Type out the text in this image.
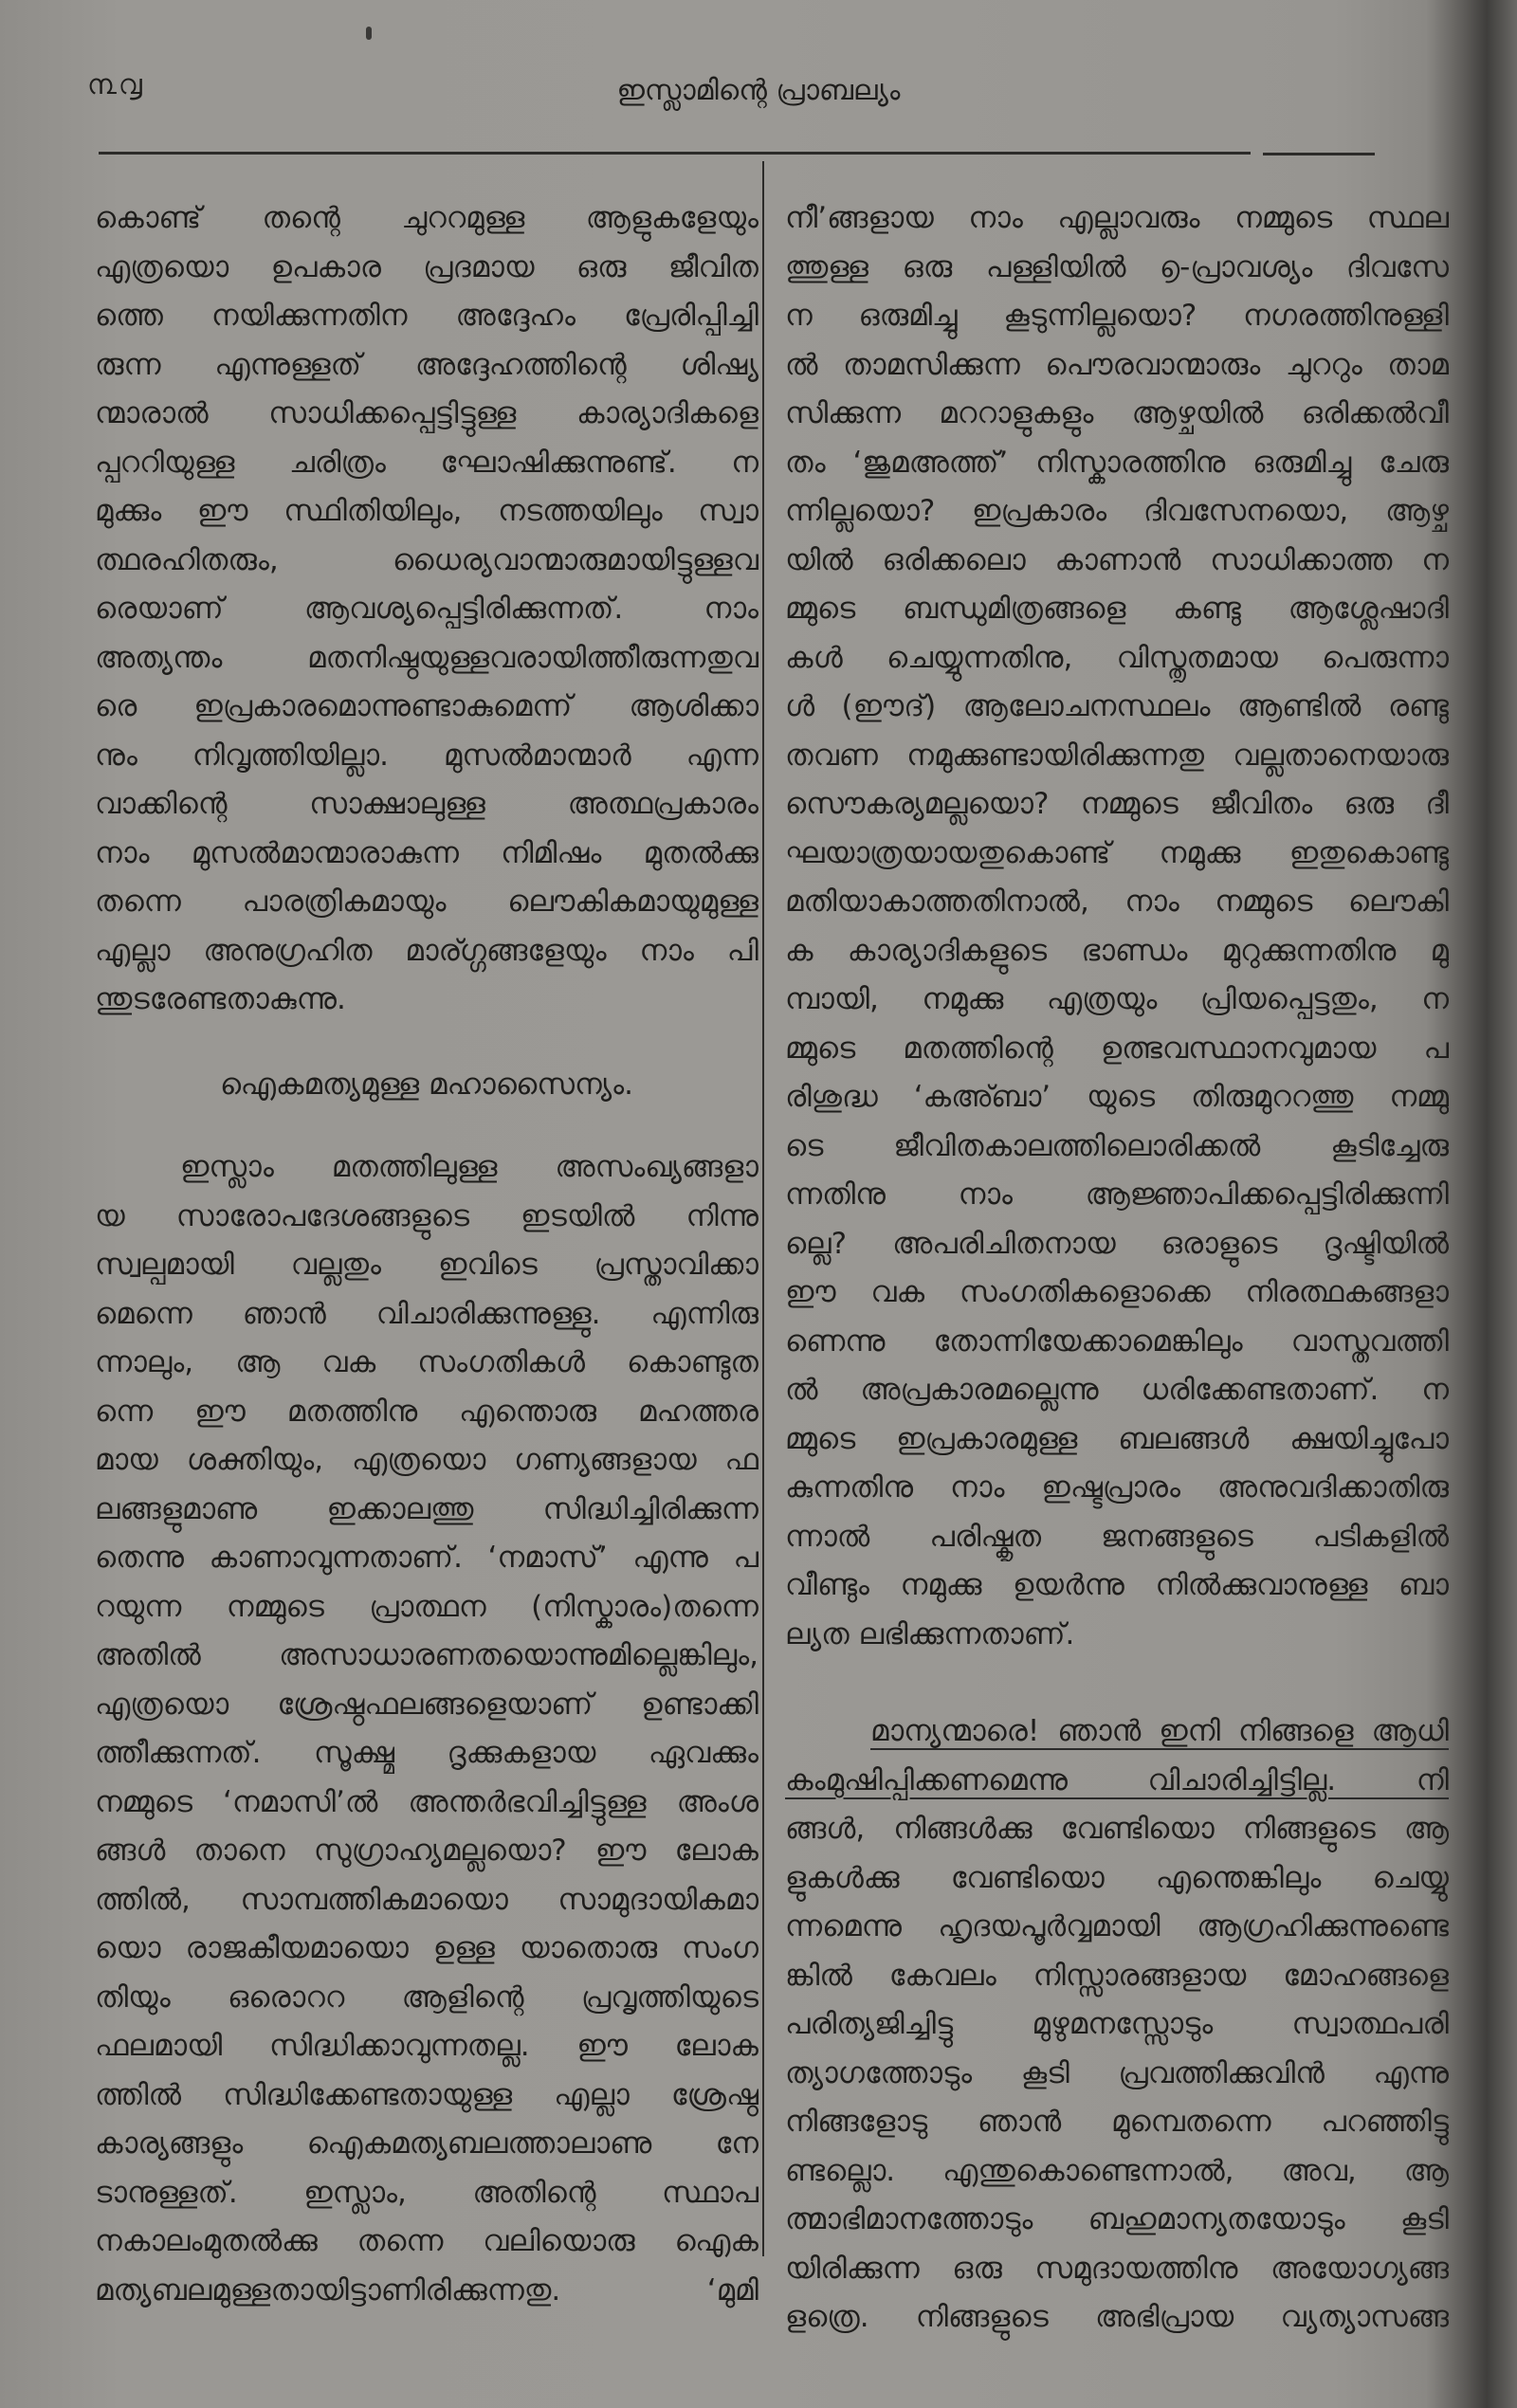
൩൮	ഇസ്ലാമിന്റെ പ്രാബല്യം
കൊണ്ട് തന്റെ ചുററമുള്ള ആളുകളേയും
എത്രയൊ ഉപകാര പ്രദമായ ഒരു ജീവിത
ത്തെ നയിക്കുന്നതിന അദ്ദേഹം പ്രേരിപ്പിച്ചി
രുന്ന എന്നുള്ളത് അദ്ദേഹത്തിന്റെ ശിഷ്യ
ന്മാരാൽ സാധിക്കപ്പെട്ടിട്ടുള്ള കാര്യാദികളെ
പ്പററിയുള്ള ചരിത്രം ഘോഷിക്കുന്നുണ്ട്. ന
മുക്കും ഈ സ്ഥിതിയിലും, നടത്തയിലും സ്വാ
ത്ഥരഹിതരും, ധൈര്യവാന്മാരുമായിട്ടുള്ളവ
രെയാണ് ആവശ്യപ്പെട്ടിരിക്കുന്നത്. നാം
അത്യന്തം മതനിഷ്ഠയുള്ളവരായിത്തീരുന്നതുവ
രെ ഇപ്രകാരമൊന്നുണ്ടാകുമെന്ന് ആശിക്കാ
നും നിവൃത്തിയില്ലാ. മുസൽമാന്മാർ എന്ന
വാക്കിന്റെ സാക്ഷാലുള്ള അത്ഥപ്രകാരം
നാം മുസൽമാന്മാരാകുന്ന നിമിഷം മുതൽക്കു
തന്നെ പാരത്രികമായും ലൌകികമായുമുള്ള
എല്ലാ അനുഗ്രഹിത മാര്ഗ്ഗങ്ങളേയും നാം പി
ന്തുടരേണ്ടതാകുന്നു.
ഐകമത്യമുള്ള മഹാസൈന്യം.
ഇസ്ലാം മതത്തിലുള്ള അസംഖ്യങ്ങളാ
യ സാരോപദേശങ്ങളുടെ ഇടയിൽ നിന്നു
സ്വല്പമായി വല്ലതും ഇവിടെ പ്രസ്താവിക്കാ
മെന്നെ ഞാൻ വിചാരിക്കുന്നുള്ളു. എന്നിരു
ന്നാലും, ആ വക സംഗതികൾ കൊണ്ടുത
ന്നെ ഈ മതത്തിനു എന്തൊരു മഹത്തര
മായ ശക്തിയും, എത്രയൊ ഗണ്യങ്ങളായ ഫ
ലങ്ങളുമാണു ഇക്കാലത്തു സിദ്ധിച്ചിരിക്കുന്ന
തെന്നു കാണാവുന്നതാണ്. ‘നമാസ്’ എന്നു പ
റയുന്ന നമ്മുടെ പ്രാത്ഥന (നിസ്കാരം)തന്നെ
അതിൽ അസാധാരണതയൊന്നുമില്ലെങ്കിലും,
എത്രയൊ ശ്രേഷ്ഠഫലങ്ങളെയാണ് ഉണ്ടാക്കി
ത്തീക്കുന്നത്. സൂക്ഷ്മ ദൃക്കുകളായ ഏവക്കും
നമ്മുടെ ‘നമാസി’ൽ അന്തർഭവിച്ചിട്ടുള്ള അംശ
ങ്ങൾ താനെ സുഗ്രാഹ്യമല്ലയൊ? ഈ ലോക
ത്തിൽ, സാമ്പത്തികമായൊ സാമുദായികമാ
യൊ രാജകീയമായൊ ഉള്ള യാതൊരു സംഗ
തിയും ഒരൊററ ആളിന്റെ പ്രവൃത്തിയുടെ
ഫലമായി സിദ്ധിക്കാവുന്നതല്ല. ഈ ലോക
ത്തിൽ സിദ്ധിക്കേണ്ടതായുള്ള എല്ലാ ശ്രേഷ്ഠ
കാര്യങ്ങളും ഐകമത്യബലത്താലാണു നേ
ടാനുള്ളത്. ഇസ്ലാം, അതിന്റെ സ്ഥാപ
നകാലംമുതൽക്കു തന്നെ വലിയൊരു ഐക
മത്യബലമുള്ളതായിട്ടാണിരിക്കുന്നതു. ‘മുമി
നീ’ങ്ങളായ നാം എല്ലാവരും നമ്മുടെ സ്ഥല
ത്തുള്ള ഒരു പള്ളിയിൽ ൭-പ്രാവശ്യം ദിവസേ
ന ഒരുമിച്ചു കൂടുന്നില്ലയൊ? നഗരത്തിനുള്ളി
ൽ താമസിക്കുന്ന പൌരവാന്മാരും ചുററും താമ
സിക്കുന്ന മററാളുകളും ആഴ്ചയിൽ ഒരിക്കൽവീ
തം ‘ജുമഅത്ത്’ നിസ്കാരത്തിനു ഒരുമിച്ചു ചേരു
ന്നില്ലയൊ? ഇപ്രകാരം ദിവസേനയൊ, ആഴ്ച
യിൽ ഒരിക്കലൊ കാണാൻ സാധിക്കാത്ത ന
മ്മുടെ ബന്ധുമിത്രങ്ങളെ കണ്ടു ആശ്ലേഷാദി
കൾ ചെയ്യുന്നതിനു, വിസ്തൃതമായ പെരുന്നാ
ൾ (ഈദ്) ആലോചനസ്ഥലം ആണ്ടിൽ രണ്ടു
തവണ നമുക്കുണ്ടായിരിക്കുന്നതു വല്ലതാനെയാരു
സൌകര്യമല്ലയൊ? നമ്മുടെ ജീവിതം ഒരു ദീ
ഘയാത്രയായതുകൊണ്ട് നമുക്കു ഇതുകൊണ്ടു
മതിയാകാത്തതിനാൽ, നാം നമ്മുടെ ലൌകി
ക കാര്യാദികളുടെ ഭാണ്ഡം മുറുക്കുന്നതിനു മു
മ്പായി, നമുക്കു എത്രയും പ്രിയപ്പെട്ടതും, ന
മ്മുടെ മതത്തിന്റെ ഉത്ഭവസ്ഥാനവുമായ പ
രിശുദ്ധ ‘കഅ്ബാ’ യുടെ തിരുമുററത്തു നമ്മു
ടെ ജീവിതകാലത്തിലൊരിക്കൽ കൂടിച്ചേരു
ന്നതിനു നാം ആജ്ഞാപിക്കപ്പെട്ടിരിക്കുന്നി
ല്ലെ? അപരിചിതനായ ഒരാളുടെ ദൃഷ്ടിയിൽ
ഈ വക സംഗതികളൊക്കെ നിരത്ഥകങ്ങളാ
ണെന്നു തോന്നിയേക്കാമെങ്കിലും വാസ്തവത്തി
ൽ അപ്രകാരമല്ലെന്നു ധരിക്കേണ്ടതാണ്. ന
മ്മുടെ ഇപ്രകാരമുള്ള ബലങ്ങൾ ക്ഷയിച്ചുപോ
കുന്നതിനു നാം ഇഷ്ടപ്രാരം അനുവദിക്കാതിരു
ന്നാൽ പരിഷ്കൃത ജനങ്ങളുടെ പടികളിൽ
വീണ്ടും നമുക്കു ഉയർന്നു നിൽക്കുവാനുള്ള ബാ
ല്യത ലഭിക്കുന്നതാണ്.
മാന്യന്മാരെ! ഞാൻ ഇനി നിങ്ങളെ ആധി
കംമുഷിപ്പിക്കണമെന്നു വിചാരിച്ചിട്ടില്ല. നി
ങ്ങൾ, നിങ്ങൾക്കു വേണ്ടിയൊ നിങ്ങളുടെ ആ
ളുകൾക്കു വേണ്ടിയൊ എന്തെങ്കിലും ചെയ്യു
ന്നമെന്നു ഹൃദയപൂർവ്വമായി ആഗ്രഹിക്കുന്നുണ്ടെ
ങ്കിൽ കേവലം നിസ്സാരങ്ങളായ മോഹങ്ങളെ
പരിത്യജിച്ചിട്ടു മുഴുമനസ്സോടും സ്വാത്ഥപരി
ത്യാഗത്തോടും കൂടി പ്രവത്തിക്കുവിൻ എന്നു
നിങ്ങളോടു ഞാൻ മുമ്പെതന്നെ പറഞ്ഞിട്ടു
ണ്ടല്ലൊ. എന്തുകൊണ്ടെന്നാൽ, അവ, ആ
ത്മാഭിമാനത്തോടും ബഹുമാന്യതയോടും കൂടി
യിരിക്കുന്ന ഒരു സമുദായത്തിനു അയോഗ്യങ്ങ
ളത്രെ. നിങ്ങളുടെ അഭിപ്രായ വ്യത്യാസങ്ങ
